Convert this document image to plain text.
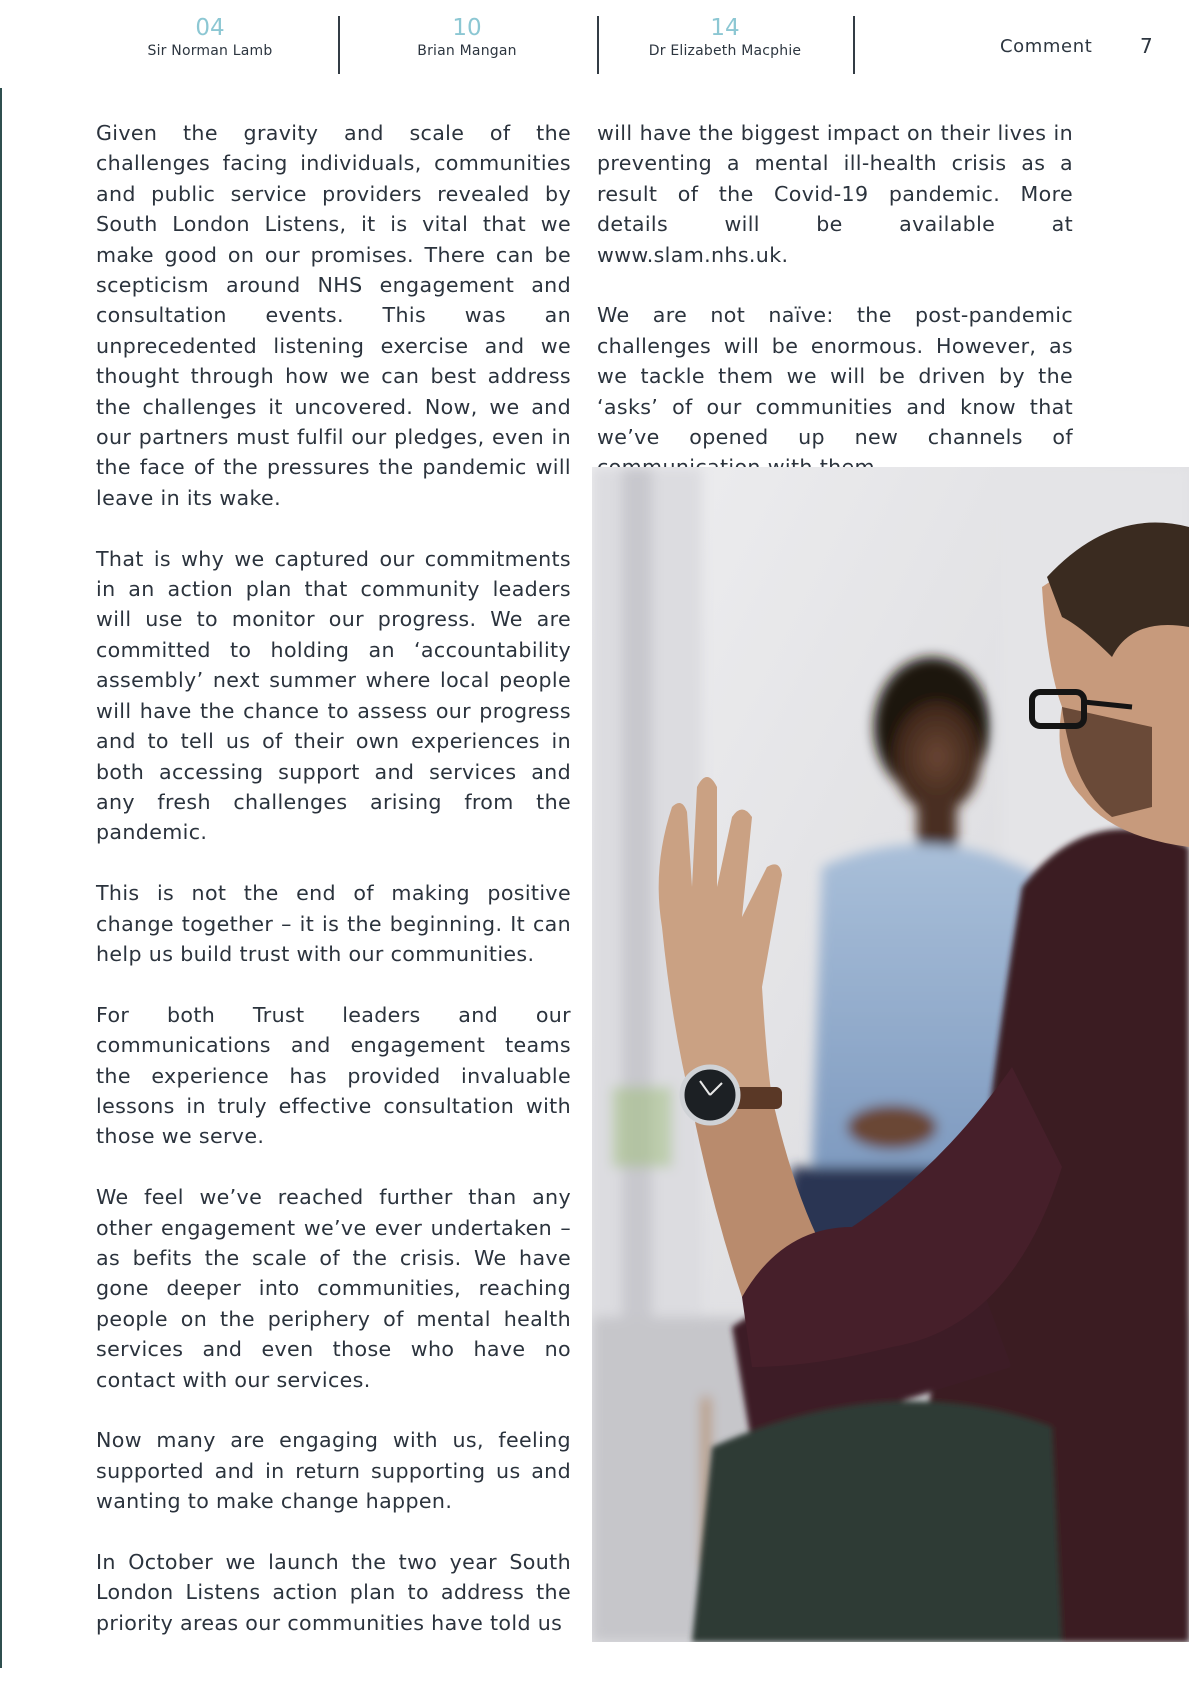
04
Sir Norman Lamb
10
Brian Mangan
14
Dr Elizabeth Macphie	Comment 7

Given the gravity and scale of the challenges facing individuals, communities and public service providers revealed by South London Listens, it is vital that we make good on our promises. There can be scepticism around NHS engagement and consultation events. This was an unprecedented listening exercise and we thought through how we can best address the challenges it uncovered. Now, we and our partners must fulfil our pledges, even in the face of the pressures the pandemic will leave in its wake.

That is why we captured our commitments in an action plan that community leaders will use to monitor our progress. We are committed to holding an ‘accountability assembly’ next summer where local people will have the chance to assess our progress and to tell us of their own experiences in both accessing support and services and any fresh challenges arising from the pandemic.

This is not the end of making positive change together – it is the beginning. It can help us build trust with our communities.

For both Trust leaders and our communications and engagement teams the experience has provided invaluable lessons in truly effective consultation with those we serve.

We feel we’ve reached further than any other engagement we’ve ever undertaken – as befits the scale of the crisis. We have gone deeper into communities, reaching people on the periphery of mental health services and even those who have no contact with our services.

Now many are engaging with us, feeling supported and in return supporting us and wanting to make change happen.

In October we launch the two year South London Listens action plan to address the priority areas our communities have told us

will have the biggest impact on their lives in preventing a mental ill-health crisis as a result of the Covid-19 pandemic. More details will be available at www.slam.nhs.uk.

We are not naïve: the post-pandemic challenges will be enormous. However, as we tackle them we will be driven by the ‘asks’ of our communities and know that we’ve opened up new channels of
